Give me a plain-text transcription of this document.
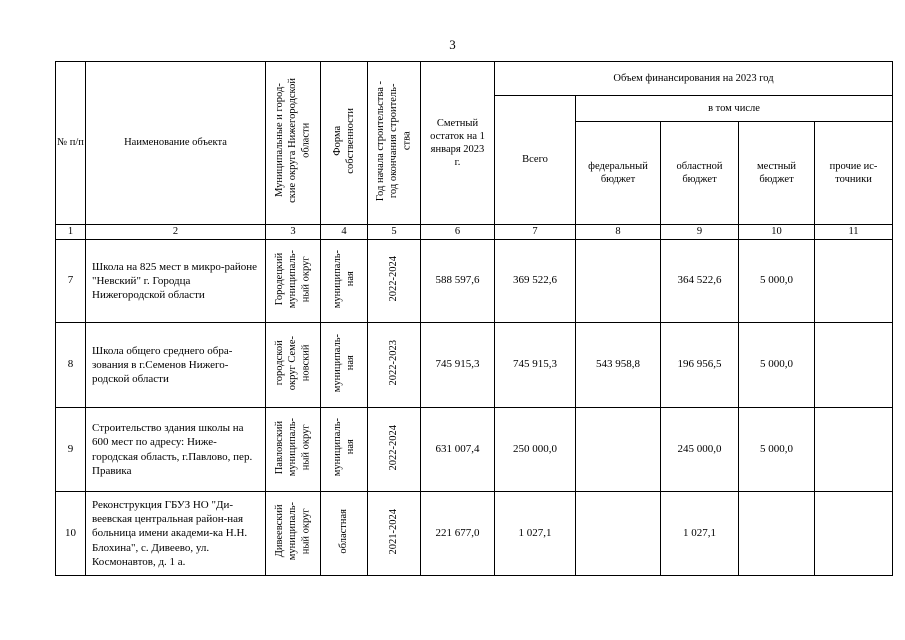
3
№ п/п	Наименование объекта	Муниципальные и город- ские округа Нижегородской области	Форма собственности	Год начала строительства - год окончания строитель- ства	Сметный остаток на 1 января 2023 г.	Объем финансирования на 2023 год				
						Всего	в том числе			
							федеральный бюджет	областной бюджет	местный бюджет	прочие ис-точники
1	2	3	4	5	6	7	8	9	10	11
7	Школа на 825 мест в микро-районе "Невский" г. Городца Нижегородской области	Городецкий муниципаль- ный округ	муниципаль- ная	2022-2024	588 597,6	369 522,6		364 522,6	5 000,0	
8	Школа общего среднего обра-зования в г.Семенов Нижего-родской области	городской округ Семе- новский	муниципаль- ная	2022-2023	745 915,3	745 915,3	543 958,8	196 956,5	5 000,0	
9	Строительство здания школы на 600 мест по адресу: Ниже-городская область, г.Павлово, пер. Правика	Павловский муниципаль- ный округ	муниципаль- ная	2022-2024	631 007,4	250 000,0		245 000,0	5 000,0	
10	Реконструкция ГБУЗ НО "Ди-веевская центральная район-ная больница имени академи-ка Н.Н. Блохина", с. Дивеево, ул. Космонавтов, д. 1 а.	Дивеевский муниципаль- ный округ	областная	2021-2024	221 677,0	1 027,1		1 027,1		
